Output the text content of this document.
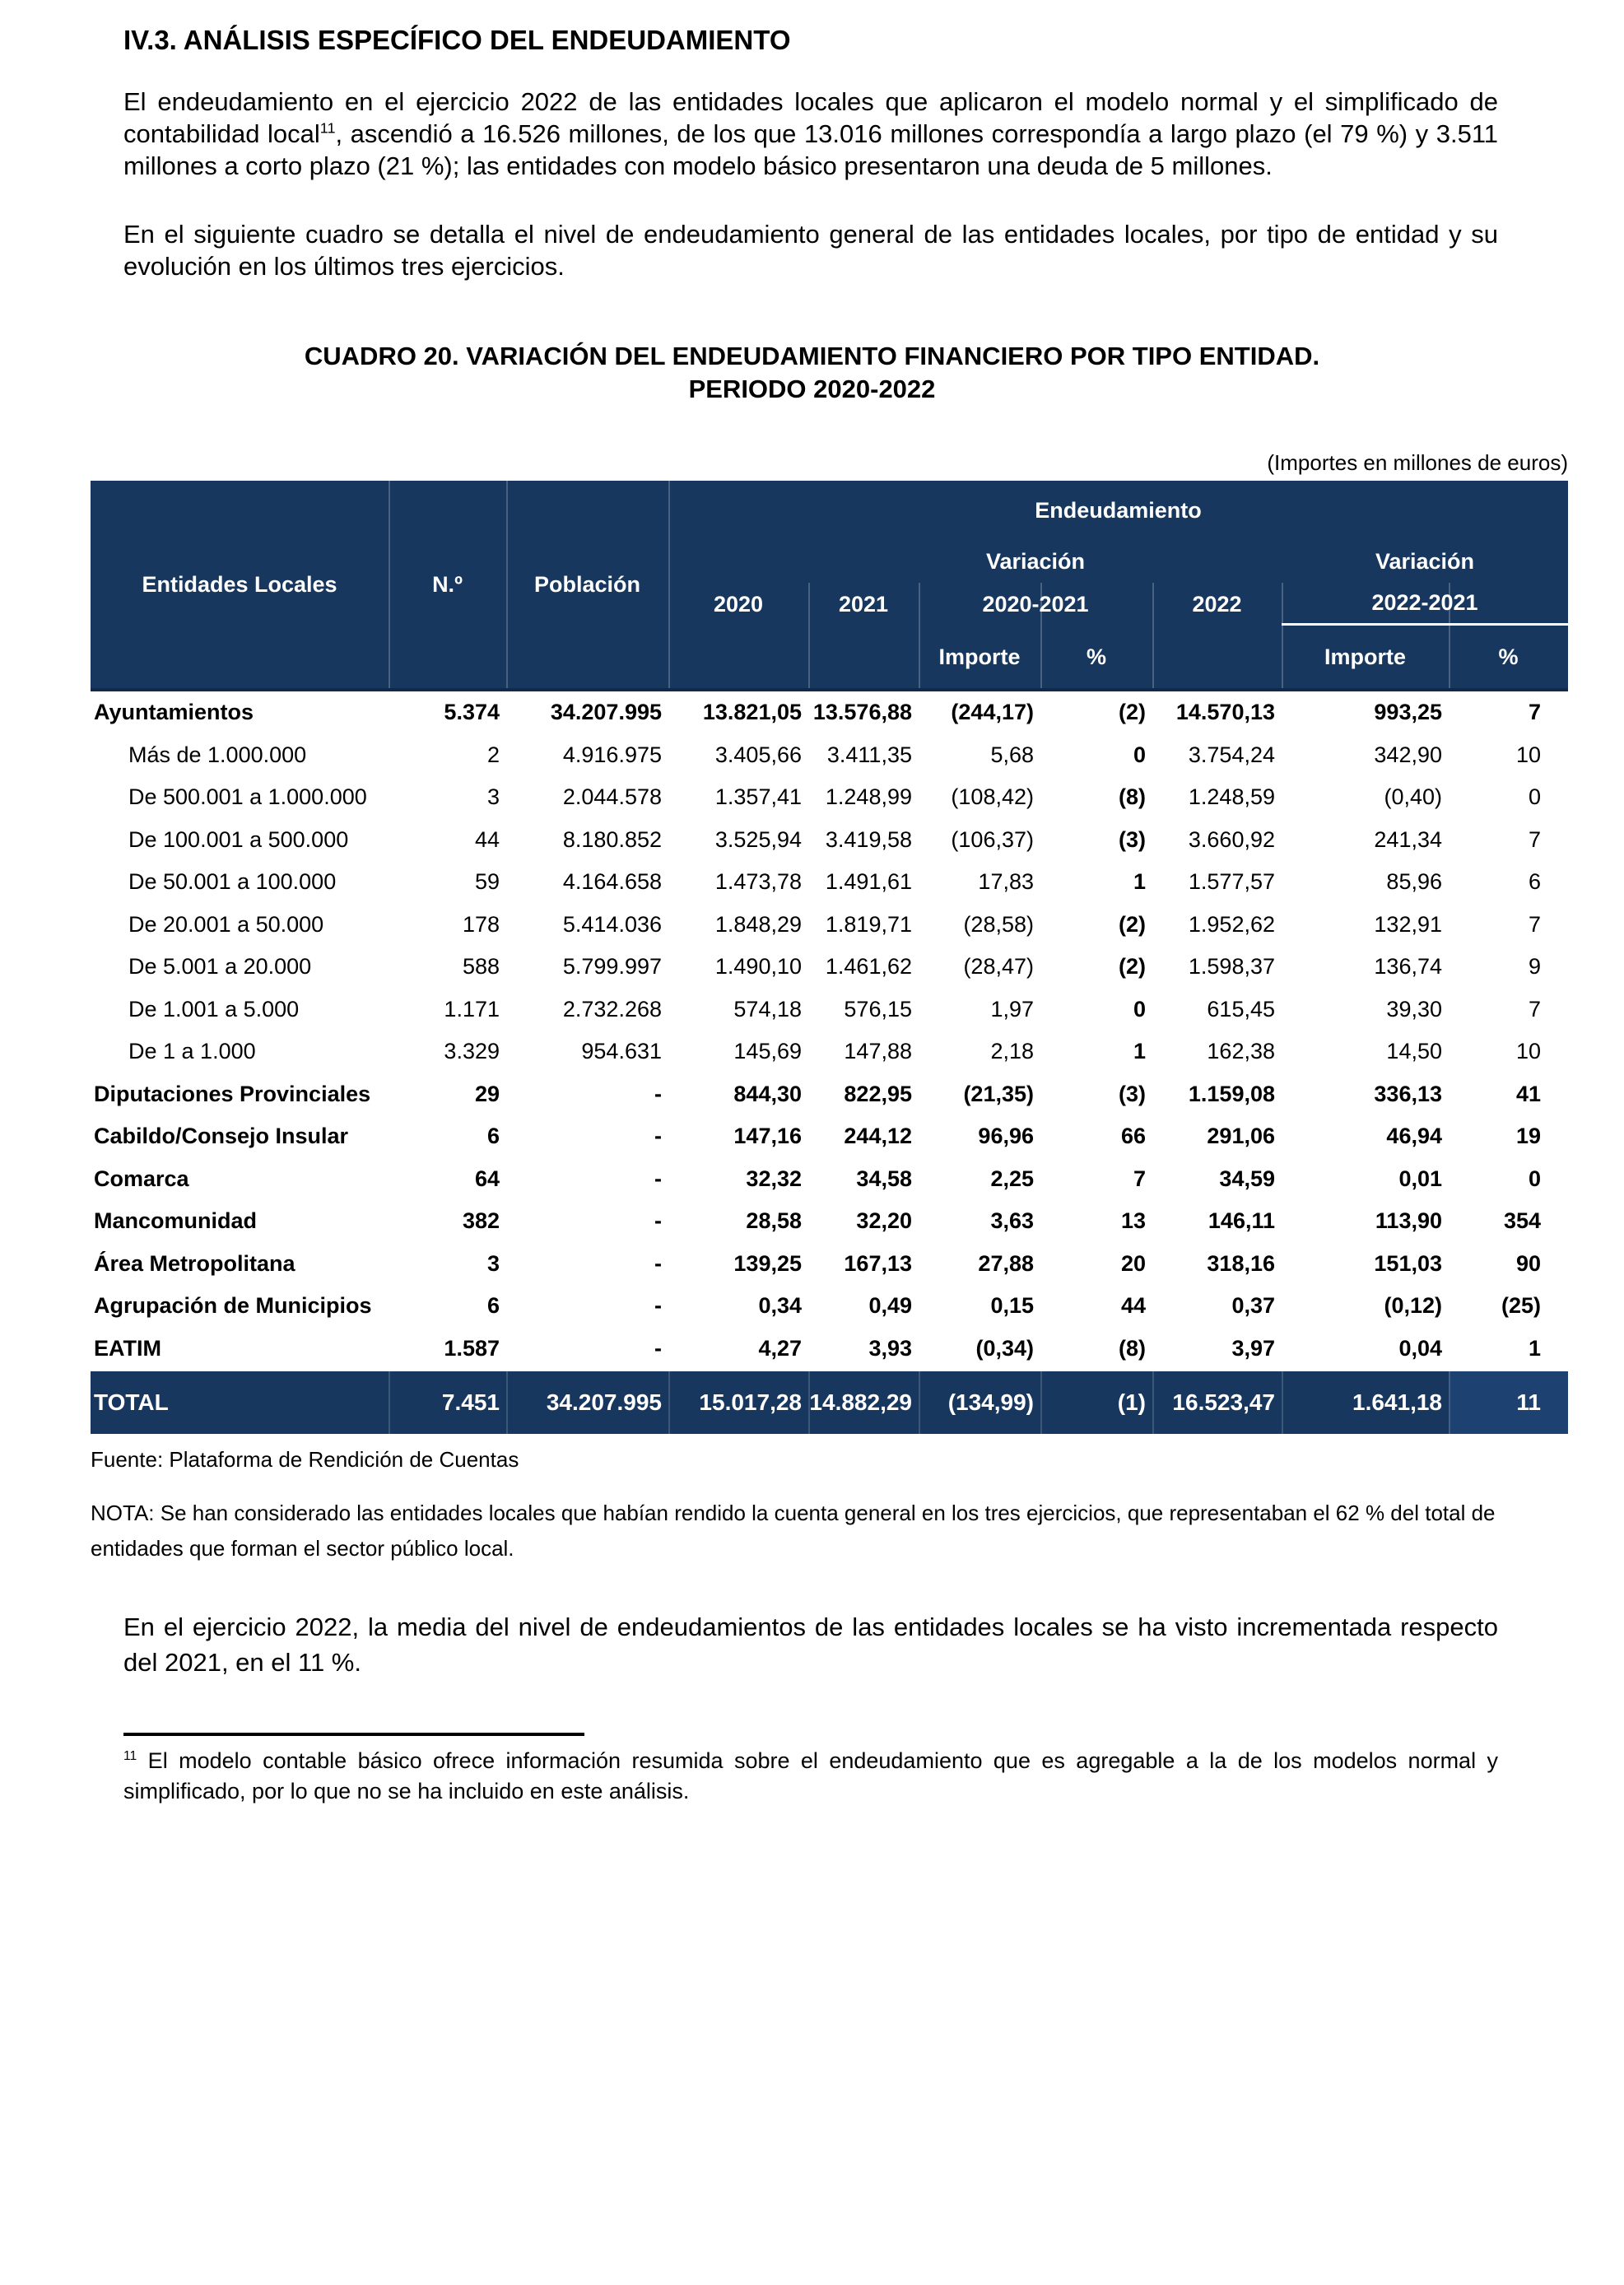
IV.3. ANÁLISIS ESPECÍFICO DEL ENDEUDAMIENTO

El endeudamiento en el ejercicio 2022 de las entidades locales que aplicaron el modelo normal y el simplificado de contabilidad local$^{11}$, ascendió a 16.526 millones, de los que 13.016 millones correspondía a largo plazo (el 79 %) y 3.511 millones a corto plazo (21 %); las entidades con modelo básico presentaron una deuda de 5 millones.

En el siguiente cuadro se detalla el nivel de endeudamiento general de las entidades locales, por tipo de entidad y su evolución en los últimos tres ejercicios.

CUADRO 20. VARIACIÓN DEL ENDEUDAMIENTO FINANCIERO POR TIPO ENTIDAD.
PERIODO 2020-2022
(Importes en millones de euros)
Entidades Locales	N.º	Población
Endeudamiento
Variación	Variación
2020	2021	2020-2021	2022	2022-2021
Importe	%	Importe	%
Ayuntamientos	5.374	34.207.995	13.821,05 13.576,88	(244,17)	(2)	14.570,13	993,25	7
Más de 1.000.000	2	4.916.975	3.405,66	3.411,35	5,68	0	3.754,24	342,90	10
De 500.001 a 1.000.000	3	2.044.578	1.357,41	1.248,99	(108,42)	(8)	1.248,59	(0,40)	0
De 100.001 a 500.000	44	8.180.852	3.525,94	3.419,58	(106,37)	(3)	3.660,92	241,34	7
De 50.001 a 100.000	59	4.164.658	1.473,78	1.491,61	17,83	1	1.577,57	85,96	6
De 20.001 a 50.000	178	5.414.036	1.848,29	1.819,71	(28,58)	(2)	1.952,62	132,91	7
De 5.001 a 20.000	588	5.799.997	1.490,10	1.461,62	(28,47)	(2)	1.598,37	136,74	9
De 1.001 a 5.000	1.171	2.732.268	574,18	576,15	1,97	0	615,45	39,30	7
De 1 a 1.000	3.329	954.631	145,69	147,88	2,18	1	162,38	14,50	10
Diputaciones Provinciales	29	-	844,30	822,95	(21,35)	(3)	1.159,08	336,13	41
Cabildo/Consejo Insular	6	-	147,16	244,12	96,96	66	291,06	46,94	19
Comarca	64	-	32,32	34,58	2,25	7	34,59	0,01	0
Mancomunidad	382	-	28,58	32,20	3,63	13	146,11	113,90	354
Área Metropolitana	3	-	139,25	167,13	27,88	20	318,16	151,03	90
Agrupación de Municipios	6	-	0,34	0,49	0,15	44	0,37	(0,12)	(25)
EATIM	1.587	-	4,27	3,93	(0,34)	(8)	3,97	0,04	1
TOTAL	7.451	34.207.995	15.017,28 14.882,29	(134,99)	(1)	16.523,47	1.641,18	11
Fuente: Plataforma de Rendición de Cuentas
NOTA: Se han considerado las entidades locales que habían rendido la cuenta general en los tres ejercicios, que representaban el 62 % del total de entidades que forman el sector público local.

En el ejercicio 2022, la media del nivel de endeudamientos de las entidades locales se ha visto incrementada respecto del 2021, en el 11 %.

$^{11}$ El modelo contable básico ofrece información resumida sobre el endeudamiento que es agregable a la de los modelos normal y simplificado, por lo que no se ha incluido en este análisis.
